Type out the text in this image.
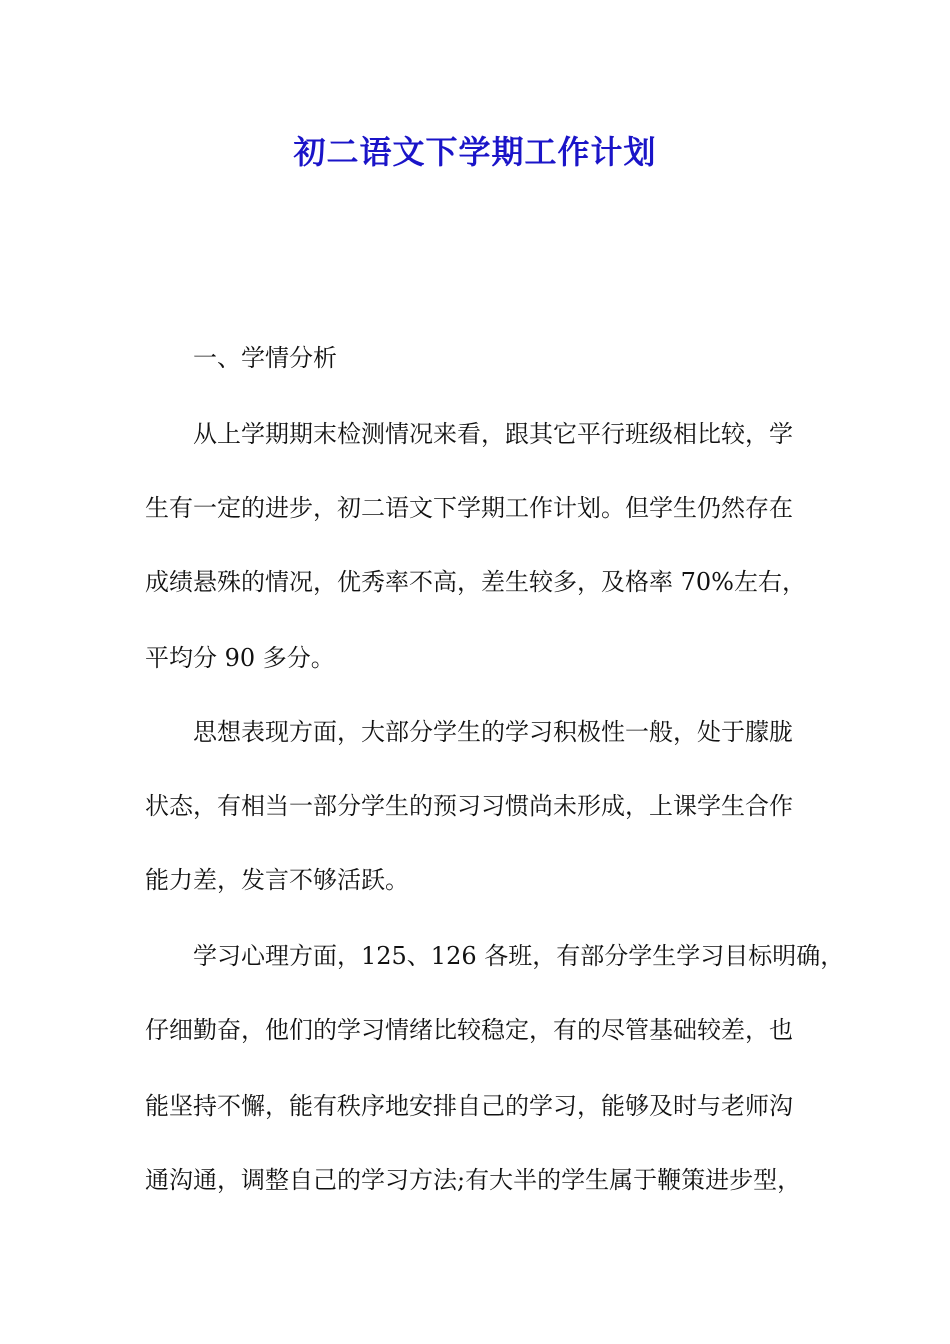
初二语文下学期工作计划
一、学情分析
从上学期期末检测情况来看，跟其它平行班级相比较，学
生有一定的进步，初二语文下学期工作计划。但学生仍然存在
成绩悬殊的情况，优秀率不高，差生较多，及格率 70%左右，
平均分 90 多分。
思想表现方面，大部分学生的学习积极性一般，处于朦胧
状态，有相当一部分学生的预习习惯尚未形成，上课学生合作
能力差，发言不够活跃。
学习心理方面，125、126 各班，有部分学生学习目标明确，
仔细勤奋，他们的学习情绪比较稳定，有的尽管基础较差，也
能坚持不懈，能有秩序地安排自己的学习，能够及时与老师沟
通沟通，调整自己的学习方法;有大半的学生属于鞭策进步型，
